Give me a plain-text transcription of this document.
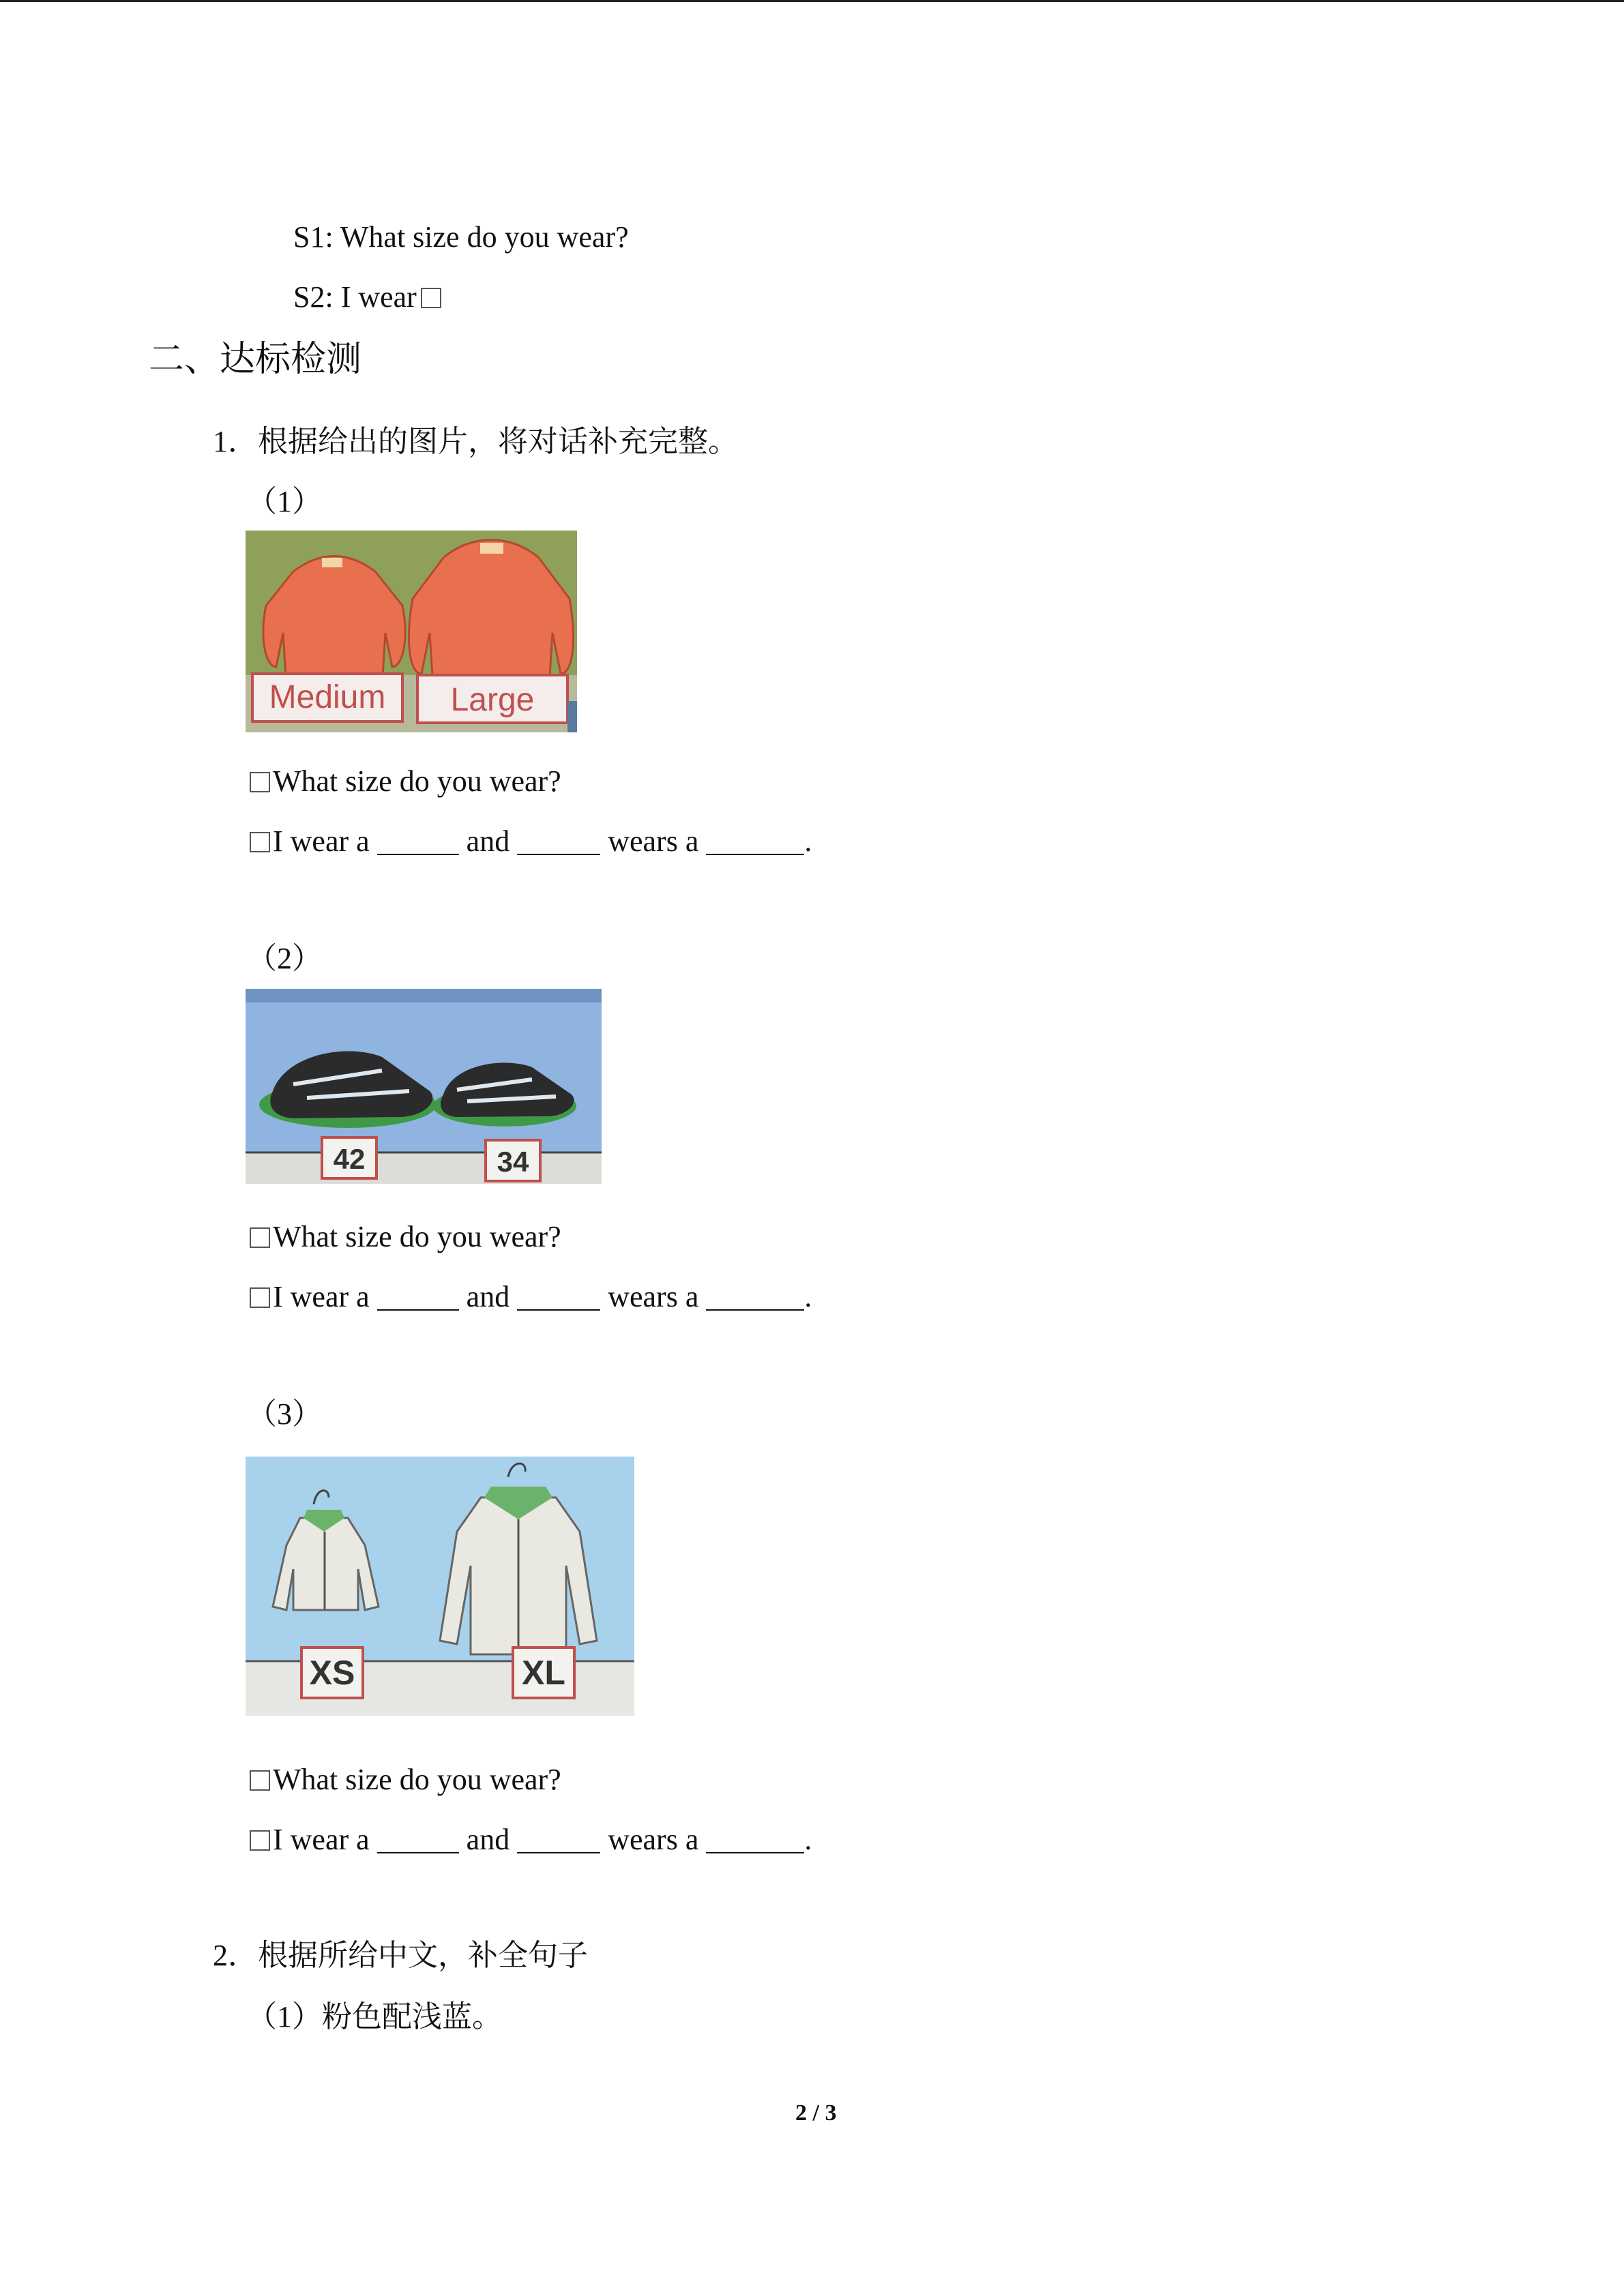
S1: What size do you wear?
S2: I wear
二、达标检测
1．根据给出的图片，将对话补充完整。
（1）
Medium Large
What size do you wear?
I wear a	and	wears a	.
（2）
42	34
What size do you wear?
I wear a	and	wears a	.
（3）
XS	XL
What size do you wear?
I wear a	and	wears a	.
2．根据所给中文，补全句子
（1）粉色配浅蓝。
2 / 3
